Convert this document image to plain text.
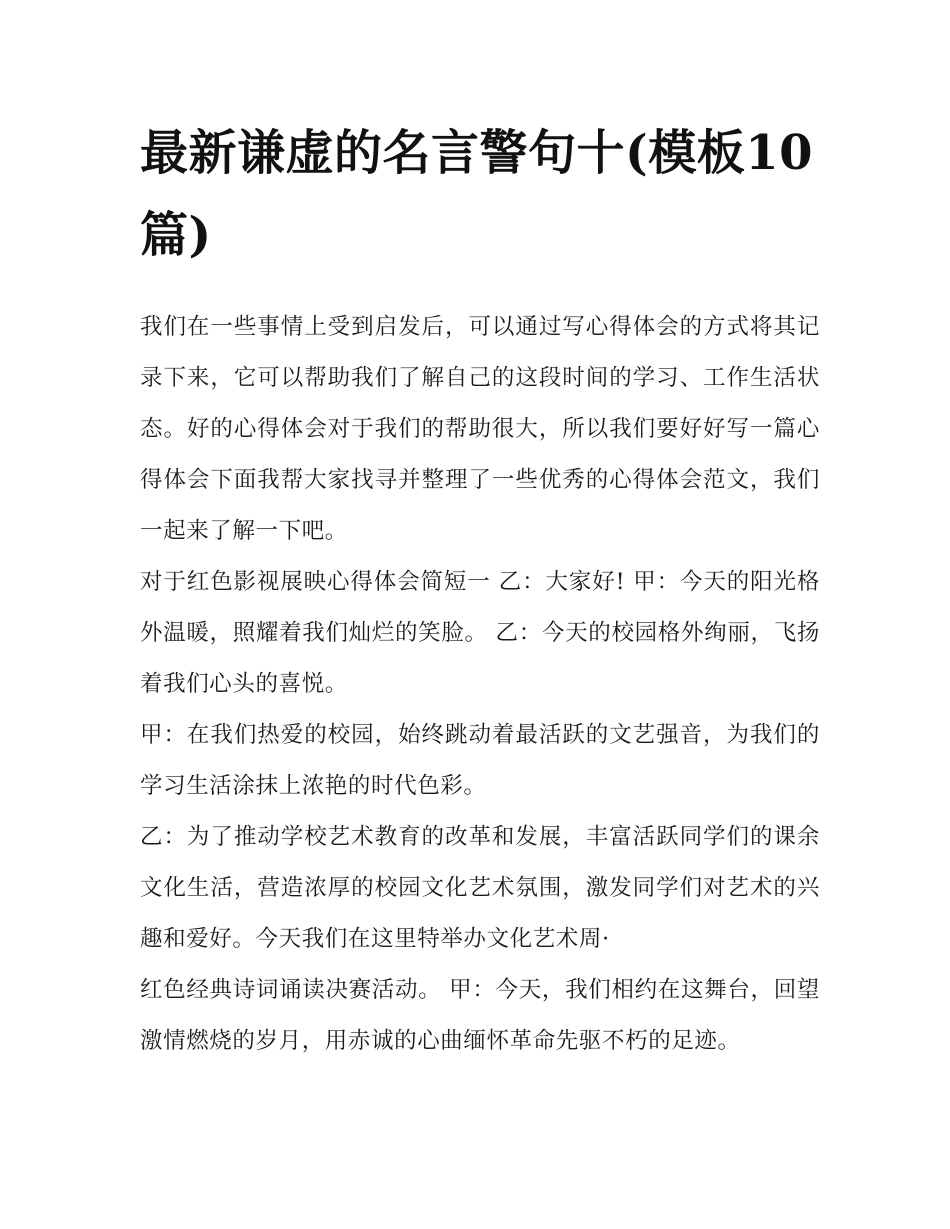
最新谦虚的名言警句十(模板10篇)

我们在一些事情上受到启发后，可以通过写心得体会的方式将其记录下来，它可以帮助我们了解自己的这段时间的学习、工作生活状态。好的心得体会对于我们的帮助很大，所以我们要好好写一篇心得体会下面我帮大家找寻并整理了一些优秀的心得体会范文，我们一起来了解一下吧。

对于红色影视展映心得体会简短一 乙：大家好! 甲：今天的阳光格外温暖，照耀着我们灿烂的笑脸。 乙：今天的校园格外绚丽，飞扬着我们心头的喜悦。

甲：在我们热爱的校园，始终跳动着最活跃的文艺强音，为我们的学习生活涂抹上浓艳的时代色彩。

乙：为了推动学校艺术教育的改革和发展，丰富活跃同学们的课余文化生活，营造浓厚的校园文化艺术氛围，激发同学们对艺术的兴趣和爱好。今天我们在这里特举办文化艺术周·

红色经典诗词诵读决赛活动。 甲：今天，我们相约在这舞台，回望激情燃烧的岁月，用赤诚的心曲缅怀革命先驱不朽的足迹。
